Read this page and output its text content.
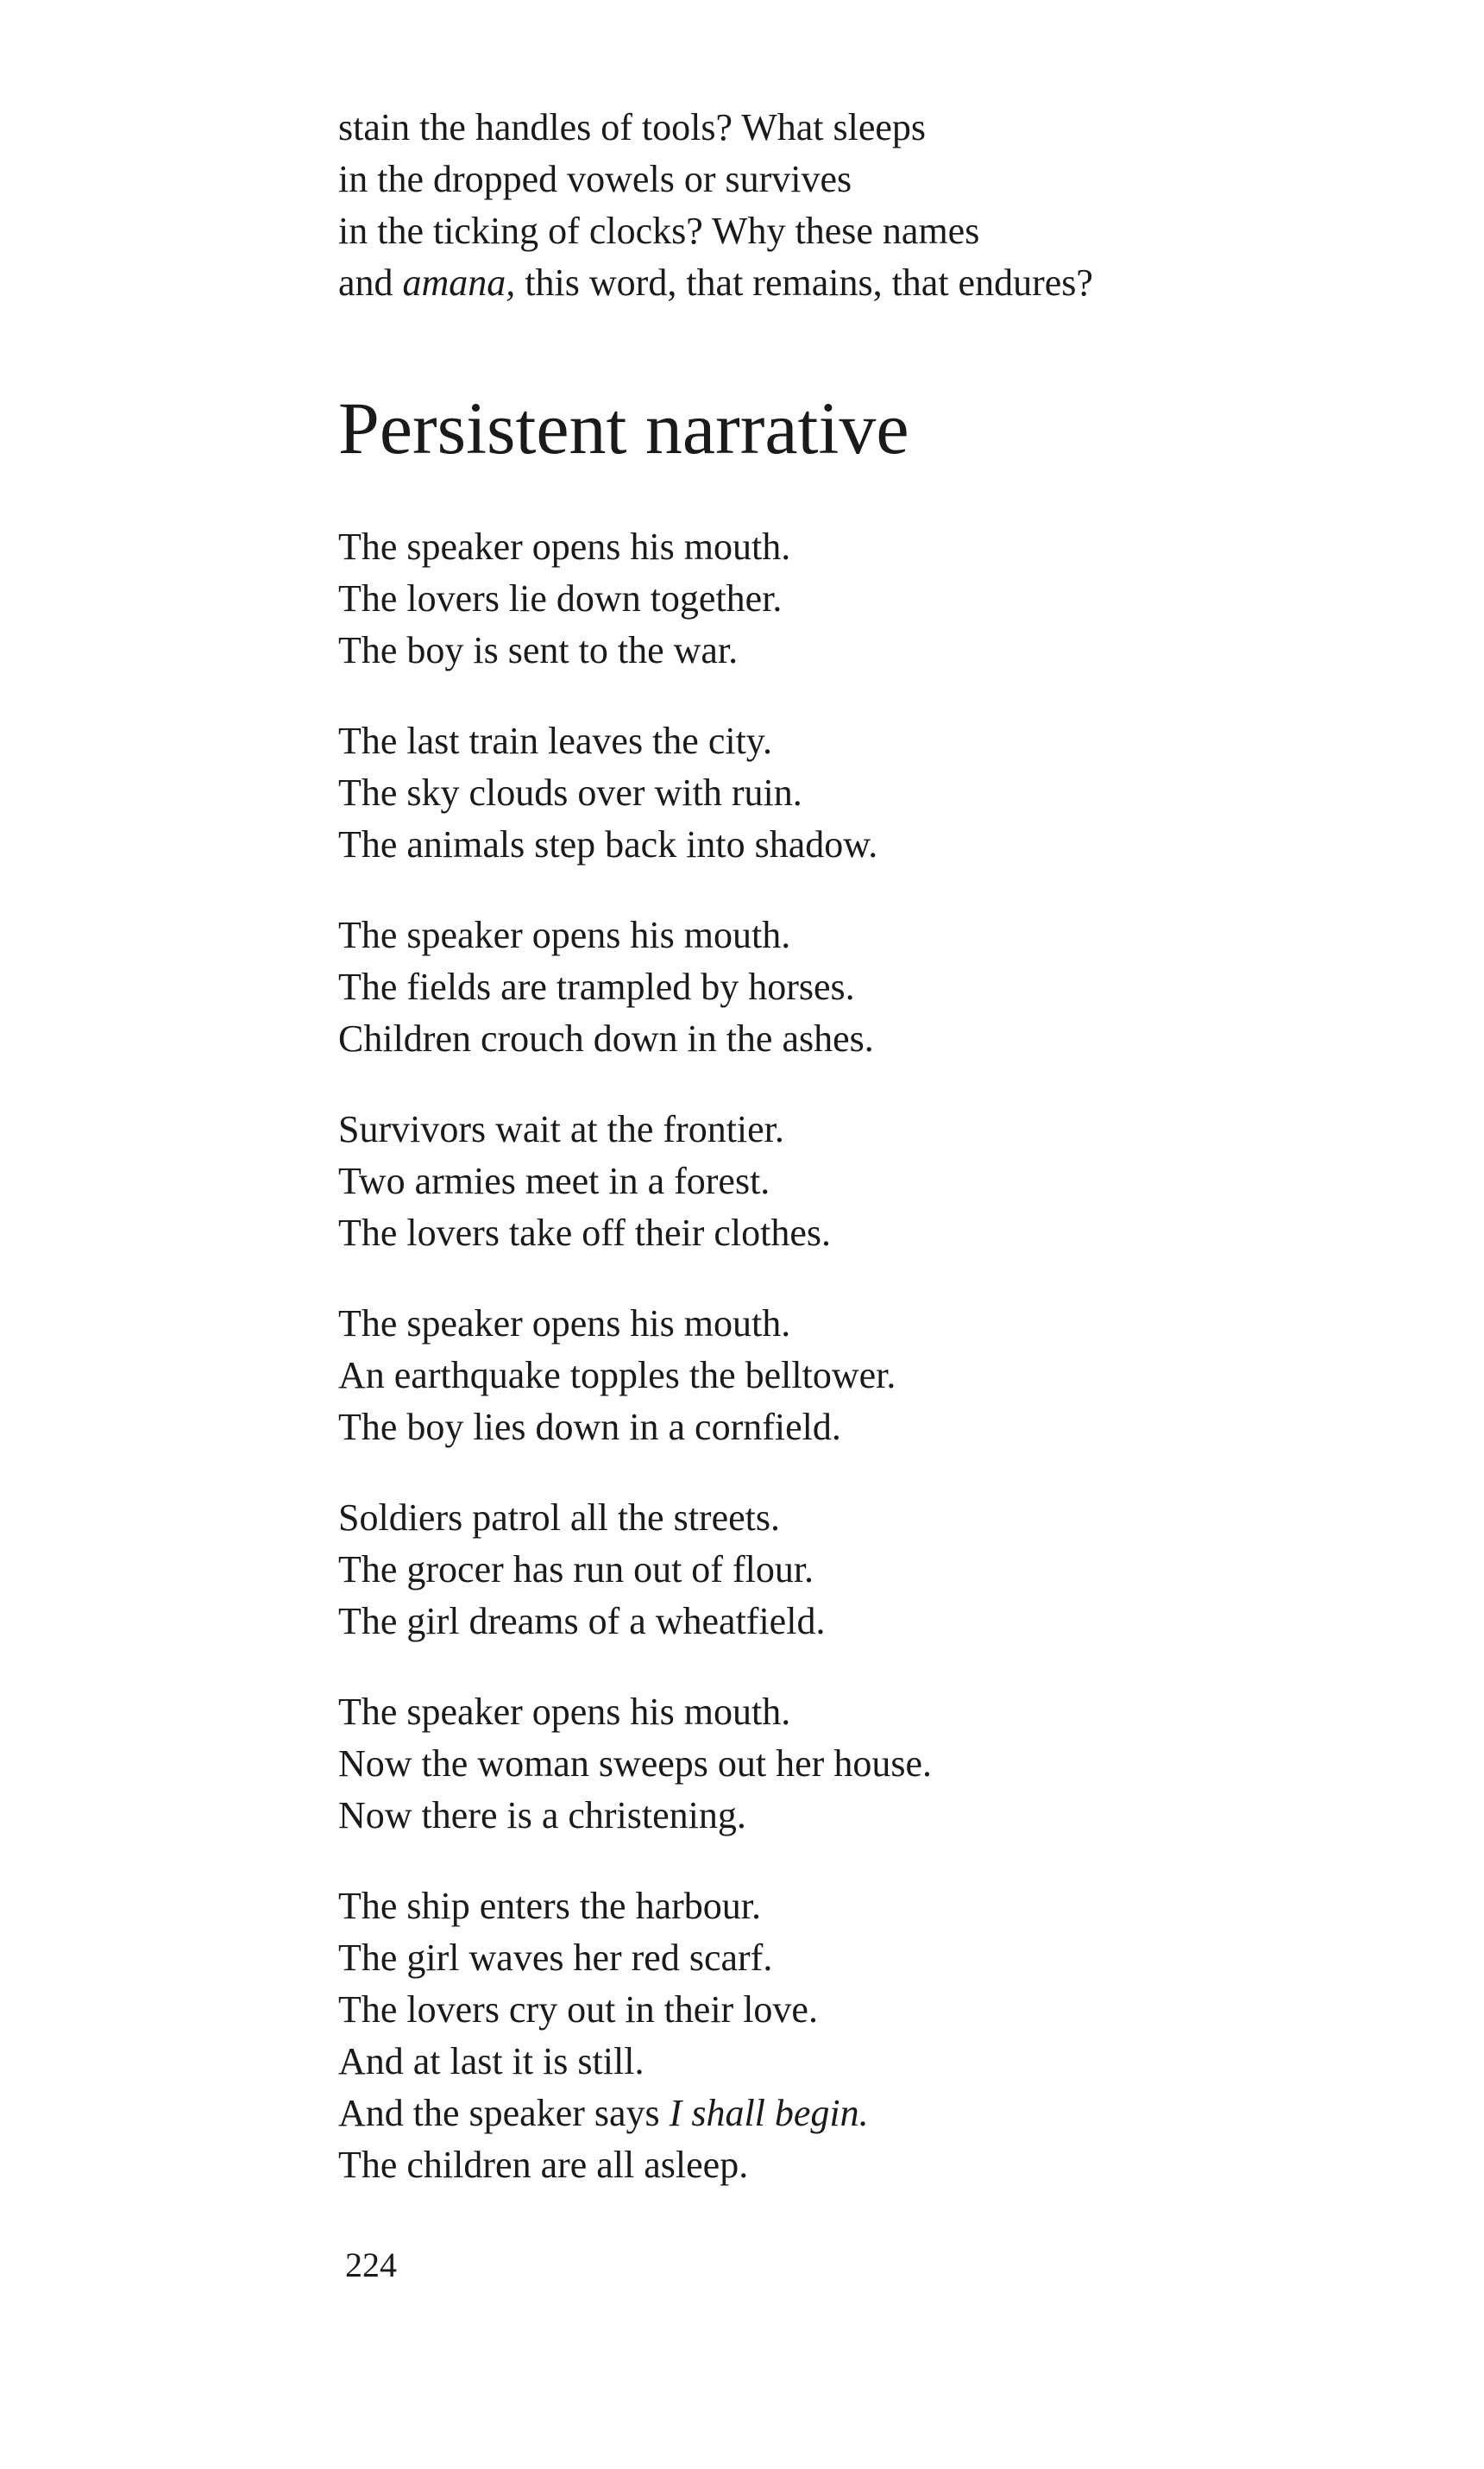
stain the handles of tools? What sleeps
in the dropped vowels or survives
in the ticking of clocks? Why these names
and amana, this word, that remains, that endures?
Persistent narrative
The speaker opens his mouth.
The lovers lie down together.
The boy is sent to the war.
The last train leaves the city.
The sky clouds over with ruin.
The animals step back into shadow.
The speaker opens his mouth.
The fields are trampled by horses.
Children crouch down in the ashes.
Survivors wait at the frontier.
Two armies meet in a forest.
The lovers take off their clothes.
The speaker opens his mouth.
An earthquake topples the belltower.
The boy lies down in a cornfield.
Soldiers patrol all the streets.
The grocer has run out of flour.
The girl dreams of a wheatfield.
The speaker opens his mouth.
Now the woman sweeps out her house.
Now there is a christening.
The ship enters the harbour.
The girl waves her red scarf.
The lovers cry out in their love.
And at last it is still.
And the speaker says I shall begin.
The children are all asleep.
224
